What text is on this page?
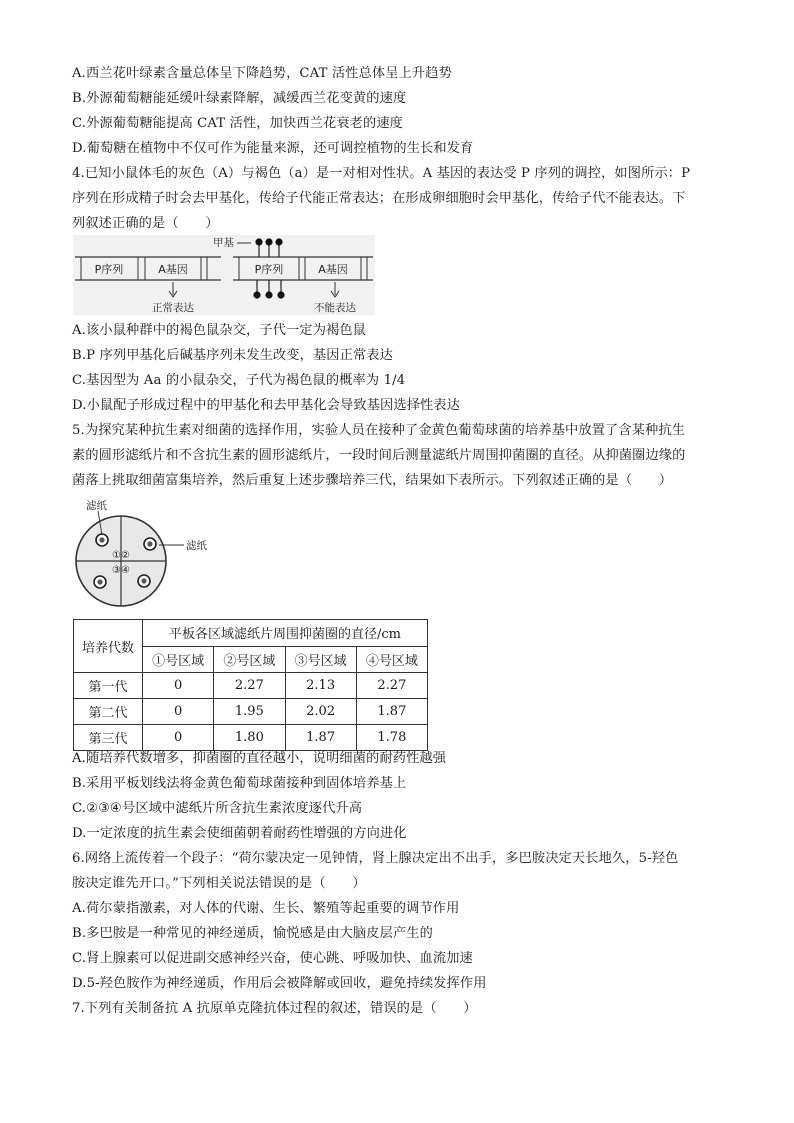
A.西兰花叶绿素含量总体呈下降趋势，CAT 活性总体呈上升趋势
B.外源葡萄糖能延缓叶绿素降解，减缓西兰花变黄的速度
C.外源葡萄糖能提高 CAT 活性，加快西兰花衰老的速度
D.葡萄糖在植物中不仅可作为能量来源，还可调控植物的生长和发育
4.已知小鼠体毛的灰色（A）与褐色（a）是一对相对性状。A 基因的表达受 P 序列的调控，如图所示：P
序列在形成精子时会去甲基化，传给子代能正常表达；在形成卵细胞时会甲基化，传给子代不能表达。下
列叙述正确的是（　　）
P序列	A基因
正常表达
P序列	A基因
甲基
不能表达
A.该小鼠种群中的褐色鼠杂交，子代一定为褐色鼠
B.P 序列甲基化后碱基序列未发生改变，基因正常表达
C.基因型为 Aa 的小鼠杂交，子代为褐色鼠的概率为 1/4
D.小鼠配子形成过程中的甲基化和去甲基化会导致基因选择性表达
5.为探究某种抗生素对细菌的选择作用，实验人员在接种了金黄色葡萄球菌的培养基中放置了含某种抗生
素的圆形滤纸片和不含抗生素的圆形滤纸片，一段时间后测量滤纸片周围抑菌圈的直径。从抑菌圈边缘的
菌落上挑取细菌富集培养，然后重复上述步骤培养三代，结果如下表所示。下列叙述正确的是（　　）
滤纸
滤纸
①②
③④
培养代数	平板各区域滤纸片周围抑菌圈的直径/cm			
	①号区域	②号区域	③号区域	④号区域
第一代	0	2.27	2.13	2.27
第二代	0	1.95	2.02	1.87
第三代	0	1.80	1.87	1.78
A.随培养代数增多，抑菌圈的直径越小，说明细菌的耐药性越强
B.采用平板划线法将金黄色葡萄球菌接种到固体培养基上
C.②③④号区域中滤纸片所含抗生素浓度逐代升高
D.一定浓度的抗生素会使细菌朝着耐药性增强的方向进化
6.网络上流传着一个段子：“荷尔蒙决定一见钟情，肾上腺决定出不出手，多巴胺决定天长地久，5-羟色
胺决定谁先开口。”下列相关说法错误的是（　　）
A.荷尔蒙指激素，对人体的代谢、生长、繁殖等起重要的调节作用
B.多巴胺是一种常见的神经递质，愉悦感是由大脑皮层产生的
C.肾上腺素可以促进副交感神经兴奋，使心跳、呼吸加快、血流加速
D.5-羟色胺作为神经递质，作用后会被降解或回收，避免持续发挥作用
7.下列有关制备抗 A 抗原单克隆抗体过程的叙述，错误的是（　　）
